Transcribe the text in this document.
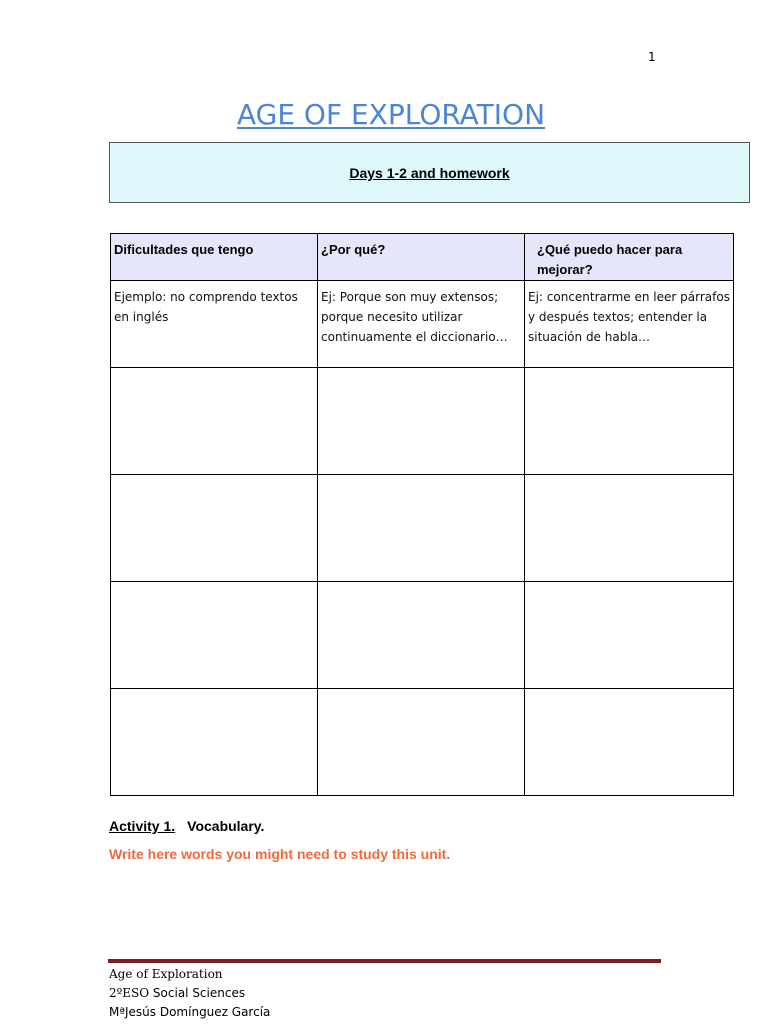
1
AGE OF EXPLORATION
Days 1-2 and homework
Dificultades que tengo	¿Por qué?	¿Qué puedo hacer para mejorar?
Ejemplo: no comprendo textos en inglés	Ej: Porque son muy extensos; porque necesito utilizar continuamente el diccionario…	Ej: concentrarme en leer párrafos y después textos; entender la situación de habla…

Activity 1. Vocabulary.
Write here words you might need to study this unit.
Age of Exploration
2ºESO Social Sciences
MªJesús Domínguez García
